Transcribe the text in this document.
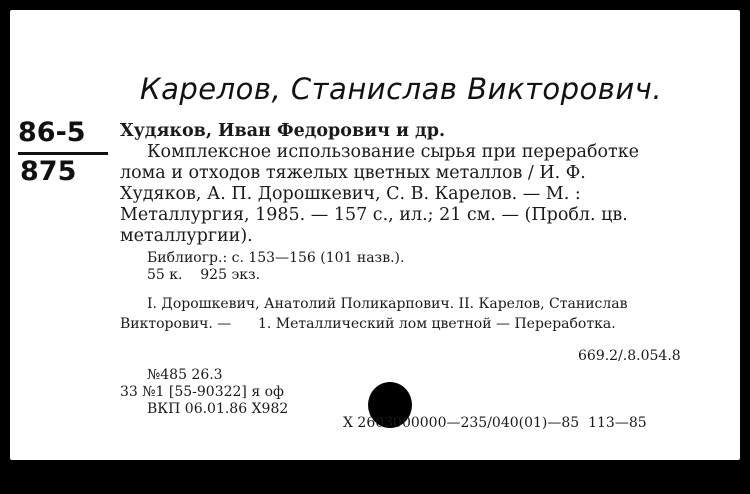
Карелов, Станислав Викторович.
86-5
875
Худяков, Иван Федорович и др.
Комплексное использование сырья при переработке
лома и отходов тяжелых цветных металлов / И. Ф.
Худяков, А. П. Дорошкевич, С. В. Карелов. — М. :
Металлургия, 1985. — 157 с., ил.; 21 см. — (Пробл. цв.
металлургии).
Библиогр.: с. 153—156 (101 назв.).
55 к.    925 экз.
I. Дорошкевич, Анатолий Поликарпович. II. Карелов, Станислав
Викторович. —      1. Металлический лом цветной — Переработка.
669.2/.8.054.8
№485 26.3
33 №1 [55-90322] я оф
ВКП 06.01.86 Х982
Х 2603000000—235/040(01)—85  113—85
